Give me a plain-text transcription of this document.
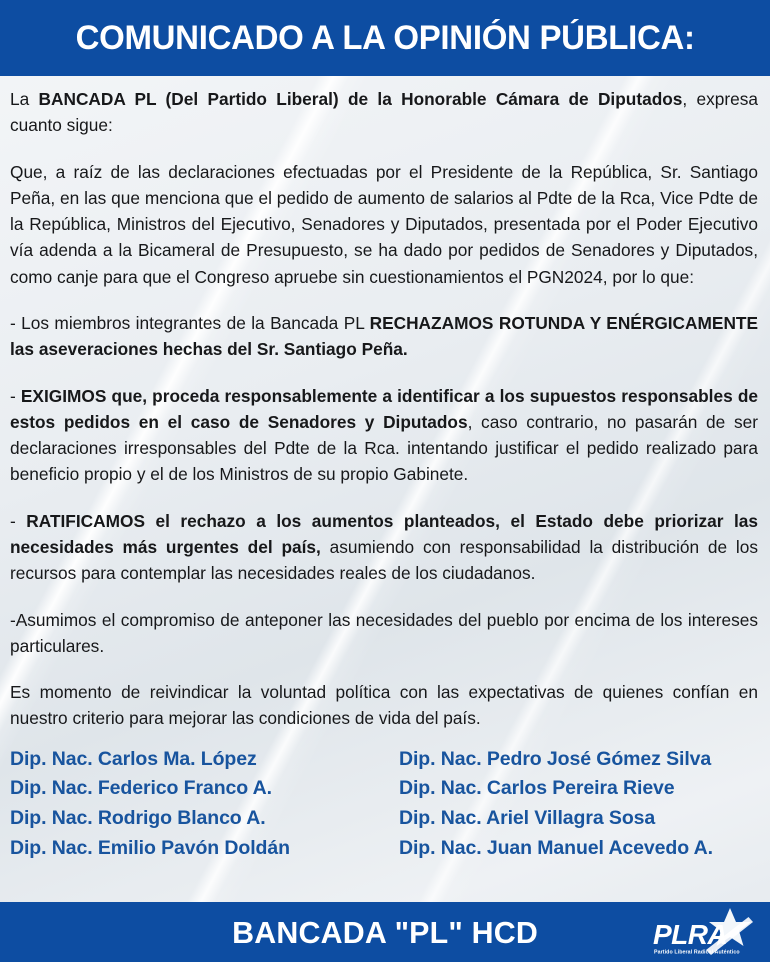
COMUNICADO A LA OPINIÓN PÚBLICA:

La BANCADA PL (Del Partido Liberal) de la Honorable Cámara de Diputados, expresa cuanto sigue:

Que, a raíz de las declaraciones efectuadas por el Presidente de la República, Sr. Santiago Peña, en las que menciona que el pedido de aumento de salarios al Pdte de la Rca, Vice Pdte de la República, Ministros del Ejecutivo, Senadores y Diputados, presentada por el Poder Ejecutivo vía adenda a la Bicameral de Presupuesto, se ha dado por pedidos de Senadores y Diputados, como canje para que el Congreso apruebe sin cuestionamientos el PGN2024, por lo que:

- Los miembros integrantes de la Bancada PL RECHAZAMOS ROTUNDA Y ENÉRGICAMENTE las aseveraciones hechas del Sr. Santiago Peña.

- EXIGIMOS que, proceda responsablemente a identificar a los supuestos responsables de estos pedidos en el caso de Senadores y Diputados, caso contrario, no pasarán de ser declaraciones irresponsables del Pdte de la Rca. intentando justificar el pedido realizado para beneficio propio y el de los Ministros de su propio Gabinete.

- RATIFICAMOS el rechazo a los aumentos planteados, el Estado debe priorizar las necesidades más urgentes del país, asumiendo con responsabilidad la distribución de los recursos para contemplar las necesidades reales de los ciudadanos.

-Asumimos el compromiso de anteponer las necesidades del pueblo por encima de los intereses particulares.

Es momento de reivindicar la voluntad política con las expectativas de quienes confían en nuestro criterio para mejorar las condiciones de vida del país.

Dip. Nac. Carlos Ma. López
Dip. Nac. Federico Franco A.
Dip. Nac. Rodrigo Blanco A.
Dip. Nac. Emilio Pavón Doldán
Dip. Nac. Pedro José Gómez Silva
Dip. Nac. Carlos Pereira Rieve
Dip. Nac. Ariel Villagra Sosa
Dip. Nac. Juan Manuel Acevedo A.
BANCADA "PL" HCD PLRA
Partido Liberal Radical Auténtico
